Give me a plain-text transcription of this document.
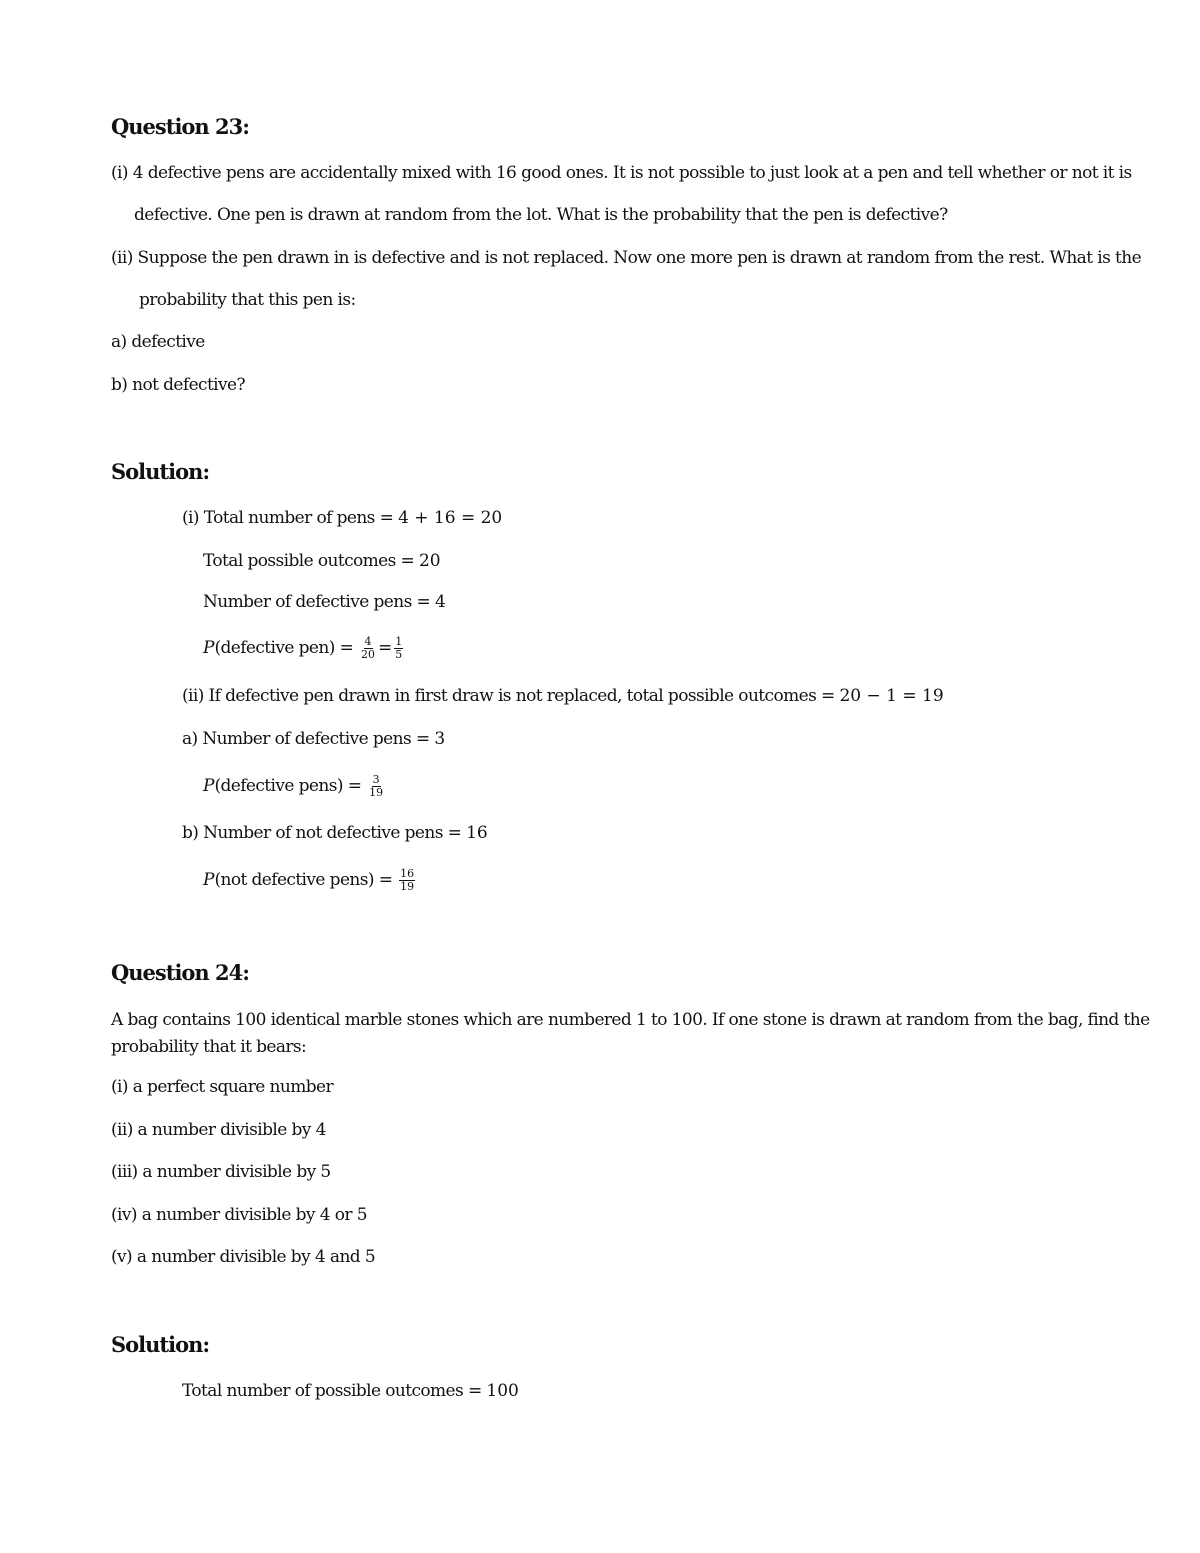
Question 23:
(i) 4 defective pens are accidentally mixed with 16 good ones. It is not possible to just look at a pen and tell whether or not it is
defective. One pen is drawn at random from the lot. What is the probability that the pen is defective?
(ii) Suppose the pen drawn in is defective and is not replaced. Now one more pen is drawn at random from the rest. What is the
probability that this pen is:
a) defective
b) not defective?
Solution:
(i) Total number of pens = 4 + 16 = 20
Total possible outcomes = 20
Number of defective pens = 4
P(defective $pen) = \frac{4}{20} = \frac{1}{5}$
(ii) If defective pen drawn in first draw is not replaced, total possible outcomes = 20 − 1 = 19
a) Number of defective pens = 3
P(defective pens) = $\frac{3}{19}$
b) Number of not defective pens = 16
P(not defective pens) = $\frac{16}{19}$
Question 24:
A bag contains 100 identical marble stones which are numbered 1 to 100. If one stone is drawn at random from the bag, find the
probability that it bears:
(i) a perfect square number
(ii) a number divisible by 4
(iii) a number divisible by 5
(iv) a number divisible by 4 or 5
(v) a number divisible by 4 and 5
Solution:
Total number of possible outcomes = 100
